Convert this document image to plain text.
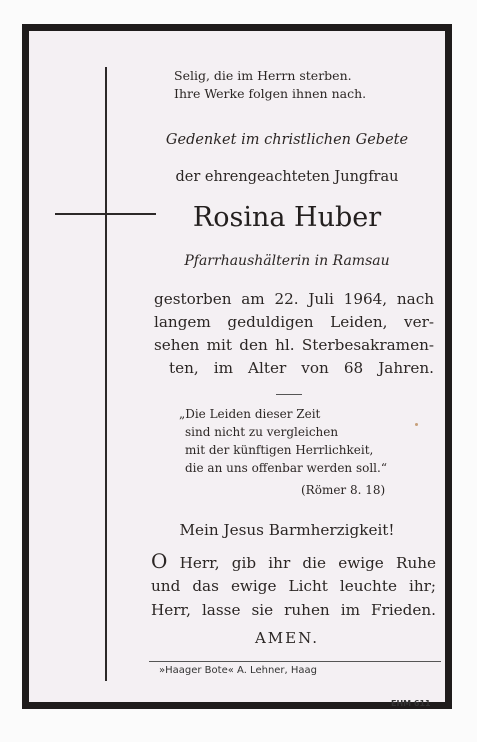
Selig, die im Herrn sterben.
Ihre Werke folgen ihnen nach.
Gedenket im christlichen Gebete
der ehrengeachteten Jungfrau
Rosina Huber
Pfarrhaushälterin in Ramsau
gestorben am 22. Juli 1964, nach
langem geduldigen Leiden, ver-
sehen mit den hl. Sterbesakramen-
ten, im Alter von 68 Jahren.
„Die Leiden dieser Zeit
sind nicht zu vergleichen
mit der künftigen Herrlichkeit,
die an uns offenbar werden soll.“
(Römer 8. 18)
Mein Jesus Barmherzigkeit!
O Herr, gib ihr die ewige Ruhe
und das ewige Licht leuchte ihr;
Herr, lasse sie ruhen im Frieden.
AMEN.
»Haager Bote« A. Lehner, Haag
EHM 611
